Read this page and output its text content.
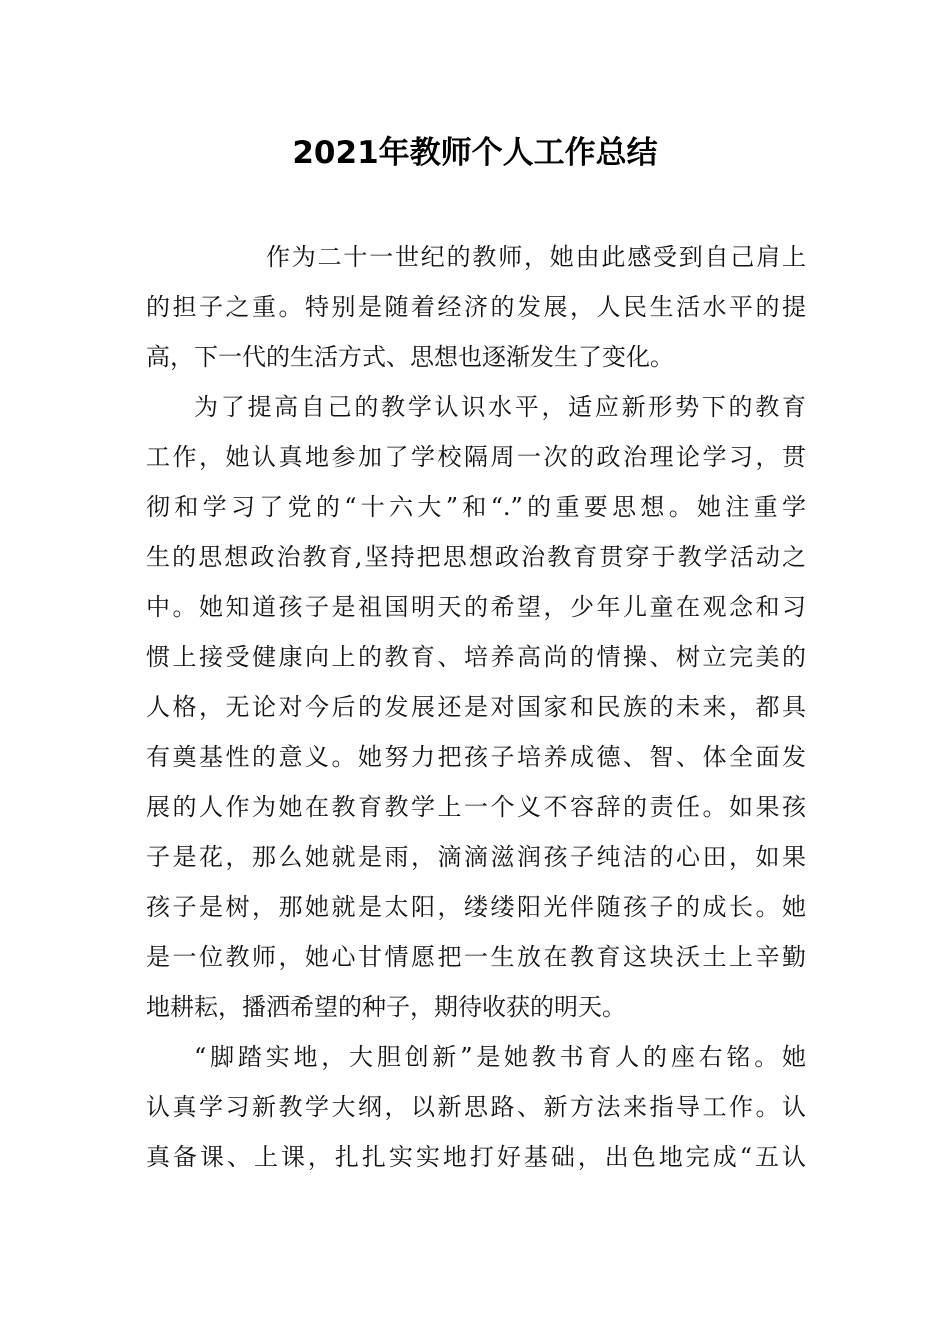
2021年教师个人工作总结
作为二十一世纪的教师，她由此感受到自己肩上
的担子之重。特别是随着经济的发展，人民生活水平的提
高，下一代的生活方式、思想也逐渐发生了变化。
为了提高自己的教学认识水平，适应新形势下的教育
工作，她认真地参加了学校隔周一次的政治理论学习，贯
彻和学习了党的“十六大”和“.”的重要思想。她注重学
生的思想政治教育,坚持把思想政治教育贯穿于教学活动之
中。她知道孩子是祖国明天的希望，少年儿童在观念和习
惯上接受健康向上的教育、培养高尚的情操、树立完美的
人格，无论对今后的发展还是对国家和民族的未来，都具
有奠基性的意义。她努力把孩子培养成德、智、体全面发
展的人作为她在教育教学上一个义不容辞的责任。如果孩
子是花，那么她就是雨，滴滴滋润孩子纯洁的心田，如果
孩子是树，那她就是太阳，缕缕阳光伴随孩子的成长。她
是一位教师，她心甘情愿把一生放在教育这块沃土上辛勤
地耕耘，播洒希望的种子，期待收获的明天。
“脚踏实地，大胆创新”是她教书育人的座右铭。她
认真学习新教学大纲，以新思路、新方法来指导工作。认
真备课、上课，扎扎实实地打好基础，出色地完成“五认
